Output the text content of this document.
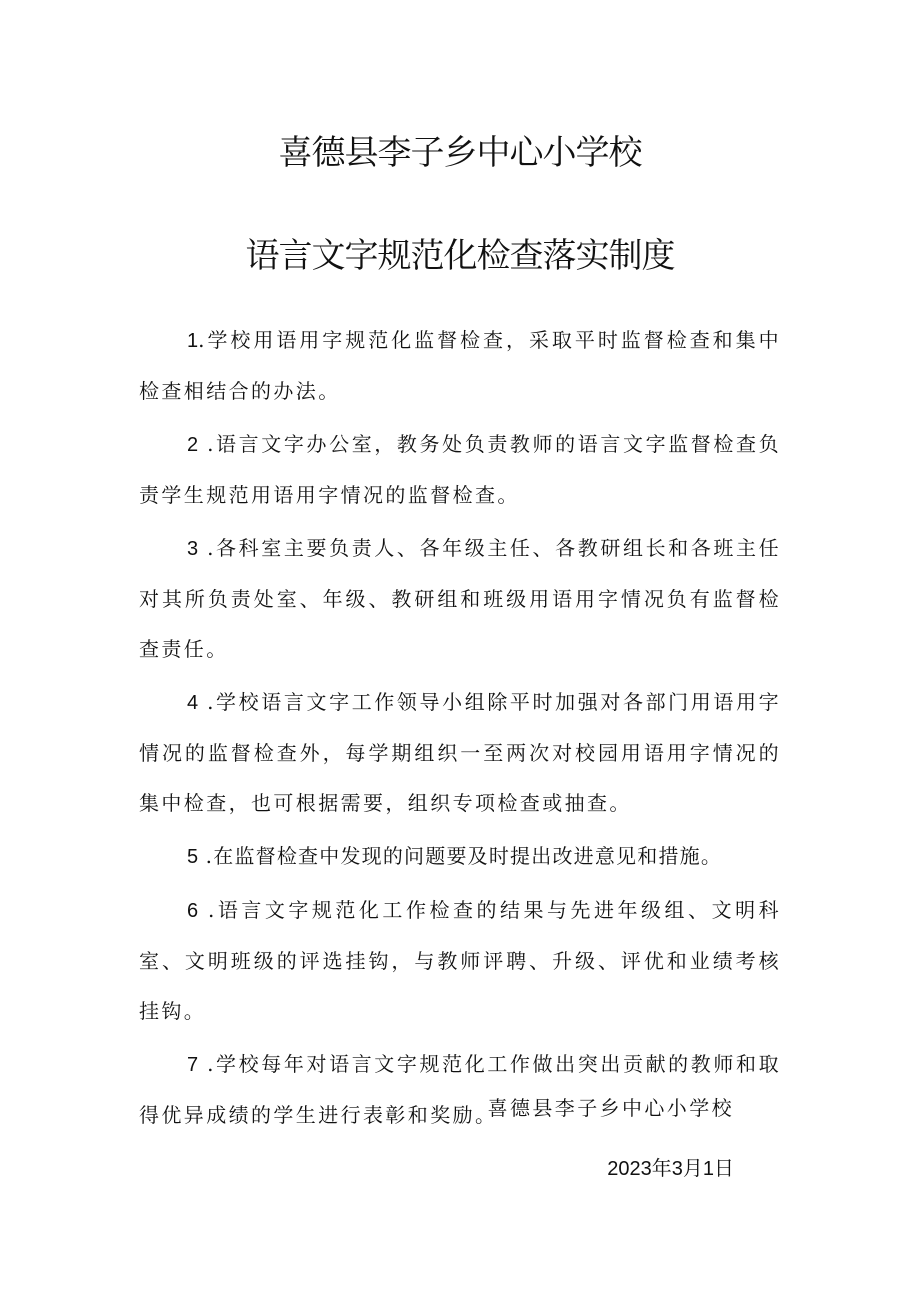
喜德县李子乡中心小学校
语言文字规范化检查落实制度

1.学校用语用字规范化监督检查，采取平时监督检查和集中检查相结合的办法。

2 .语言文字办公室，教务处负责教师的语言文字监督检查负责学生规范用语用字情况的监督检查。

3 .各科室主要负责人、各年级主任、各教研组长和各班主任对其所负责处室、年级、教研组和班级用语用字情况负有监督检查责任。

4 .学校语言文字工作领导小组除平时加强对各部门用语用字情况的监督检查外，每学期组织一至两次对校园用语用字情况的集中检查，也可根据需要，组织专项检查或抽查。

5 .在监督检查中发现的问题要及时提出改进意见和措施。

6 .语言文字规范化工作检查的结果与先进年级组、文明科室、文明班级的评选挂钩，与教师评聘、升级、评优和业绩考核挂钩。

7 .学校每年对语言文字规范化工作做出突出贡献的教师和取得优异成绩的学生进行表彰和奖励。

喜德县李子乡中心小学校
2023年3月1日
